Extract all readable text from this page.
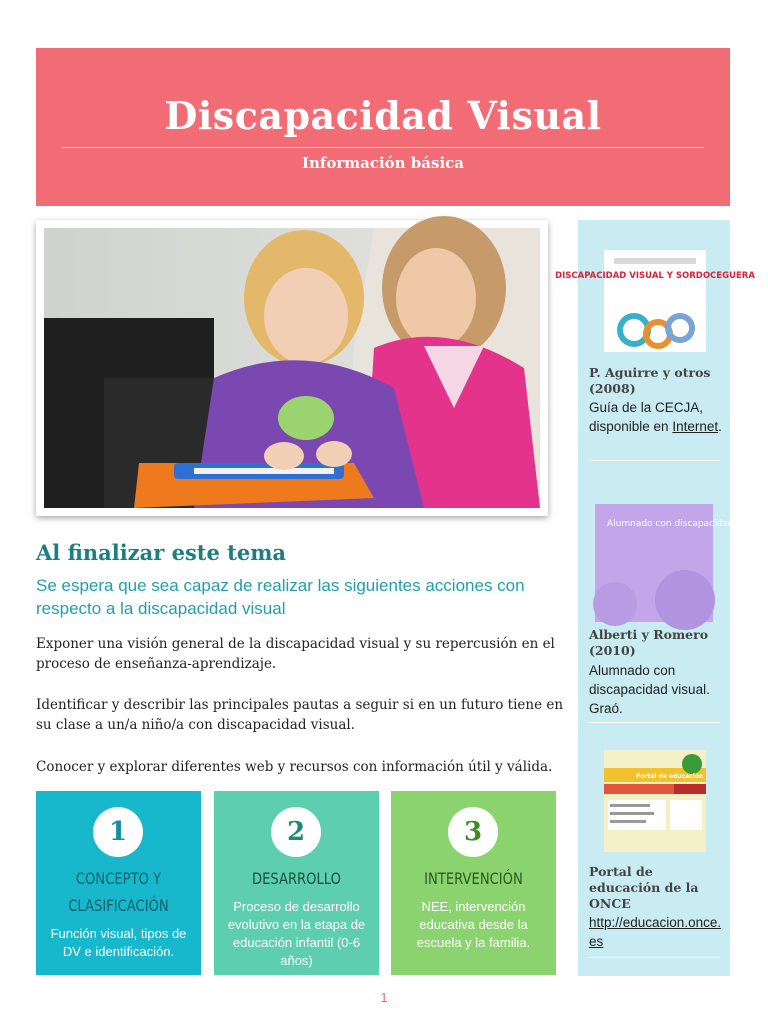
Discapacidad Visual
Información básica
Al finalizar este tema
Se espera que sea capaz de realizar las siguientes acciones con respecto a la discapacidad visual
Exponer una visión general de la discapacidad visual y su repercusión en el proceso de enseñanza-aprendizaje.
Identificar y describir las principales pautas a seguir si en un futuro tiene en su clase a un/a niño/a con discapacidad visual.
Conocer y explorar diferentes web y recursos con información útil y válida.
1
CONCEPTO Y CLASIFICACIÓN
Función visual, tipos de DV e identificación.
2
DESARROLLO
Proceso de desarrollo evolutivo en la etapa de educación infantil (0-6 años)
3
INTERVENCIÓN
NEE, intervención educativa desde la escuela y la familia.
DISCAPACIDAD VISUAL Y SORDOCEGUERA
P. Aguirre y otros (2008)
Guía de la CECJA, disponible en Internet.
Alumnado con discapacidad visual
Alberti y Romero (2010)
Alumnado con discapacidad visual. Graó.
Portal de educación
Portal de educación de la ONCE
http://educacion.once.es
1
